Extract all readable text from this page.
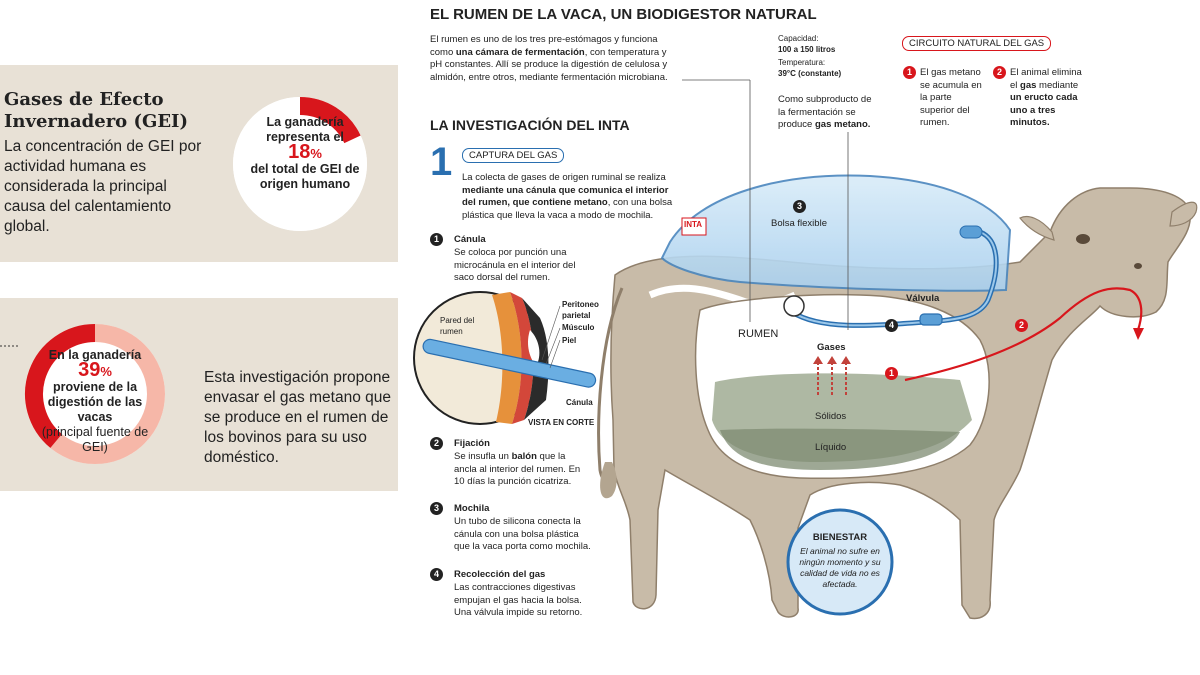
Gases de Efecto Invernadero (GEI)
La concentración de GEI por actividad humana es considerada la principal causa del calentamiento global.
La ganadería representa el
18%
del total de GEI de origen humano
En la ganadería
39%
proviene de la digestión de las vacas
(principal fuente de GEI)
Esta investigación propone envasar el gas metano que se produce en el rumen de los bovinos para su uso doméstico.
EL RUMEN DE LA VACA, UN BIODIGESTOR NATURAL
El rumen es uno de los tres pre-estómagos y funciona como una cámara de fermentación, con temperatura y pH constantes. Allí se produce la digestión de celulosa y almidón, entre otros, mediante fermentación microbiana.
Capacidad:
100 a 150 litros
Temperatura:
39°C (constante)
Como subproducto de la fermentación se produce gas metano.
CIRCUITO NATURAL DEL GAS
1 El gas metano se acumula en la parte superior del rumen.
2 El animal elimina el gas mediante un eructo cada uno a tres minutos.
LA INVESTIGACIÓN DEL INTA
1	CAPTURA DEL GAS
La colecta de gases de origen ruminal se realiza mediante una cánula que comunica el interior del rumen, que contiene metano, con una bolsa plástica que lleva la vaca a modo de mochila.
1	Cánula
Se coloca por punción una microcánula en el interior del saco dorsal del rumen.
2	Fijación
Se insufla un balón que la ancla al interior del rumen. En 10 días la punción cicatriza.
3	Mochila
Un tubo de silicona conecta la cánula con una bolsa plástica que la vaca porta como mochila.
4	Recolección del gas
Las contracciones digestivas empujan el gas hacia la bolsa. Una válvula impide su retorno.
Pared del rumen
Peritoneo parietal
Músculo
Piel
Cánula
VISTA EN CORTE
INTA
3
Bolsa flexible
Válvula
4
RUMEN
Gases
Sólidos
Líquido
1
2
BIENESTAR
El animal no sufre en ningún momento y su calidad de vida no es afectada.
